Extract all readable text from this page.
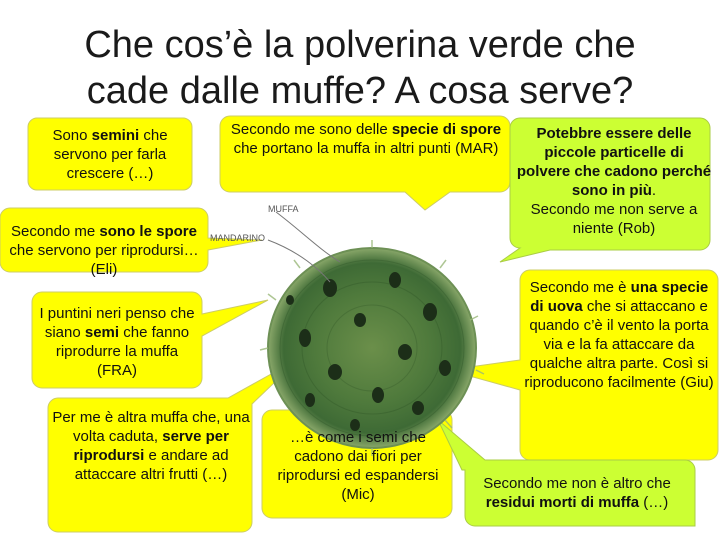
Che cos’è la polverina verde che
cade dalle muffe? A cosa serve?
MUFFA
MANDARINO
Sono semini che servono per farla crescere (…)
Secondo me sono delle specie di spore che portano la muffa in altri punti (MAR)
Potebbre essere delle piccole particelle di polvere che cadono perché sono in più.
Secondo me non serve a niente (Rob)
Secondo me sono le spore che servono per riprodursi… (Eli)
I puntini neri penso che siano semi che fanno riprodurre la muffa (FRA)
Secondo me è una specie di uova che si attaccano e quando c’è il vento la porta via e la fa attaccare da qualche altra parte. Così si riproducono facilmente (Giu)
Per me è altra muffa che, una volta caduta, serve per riprodursi e andare ad attaccare altri frutti (…)
…è come i semi che cadono dai fiori per riprodursi ed espandersi (Mic)
Secondo me non è altro che residui morti di muffa (…)
